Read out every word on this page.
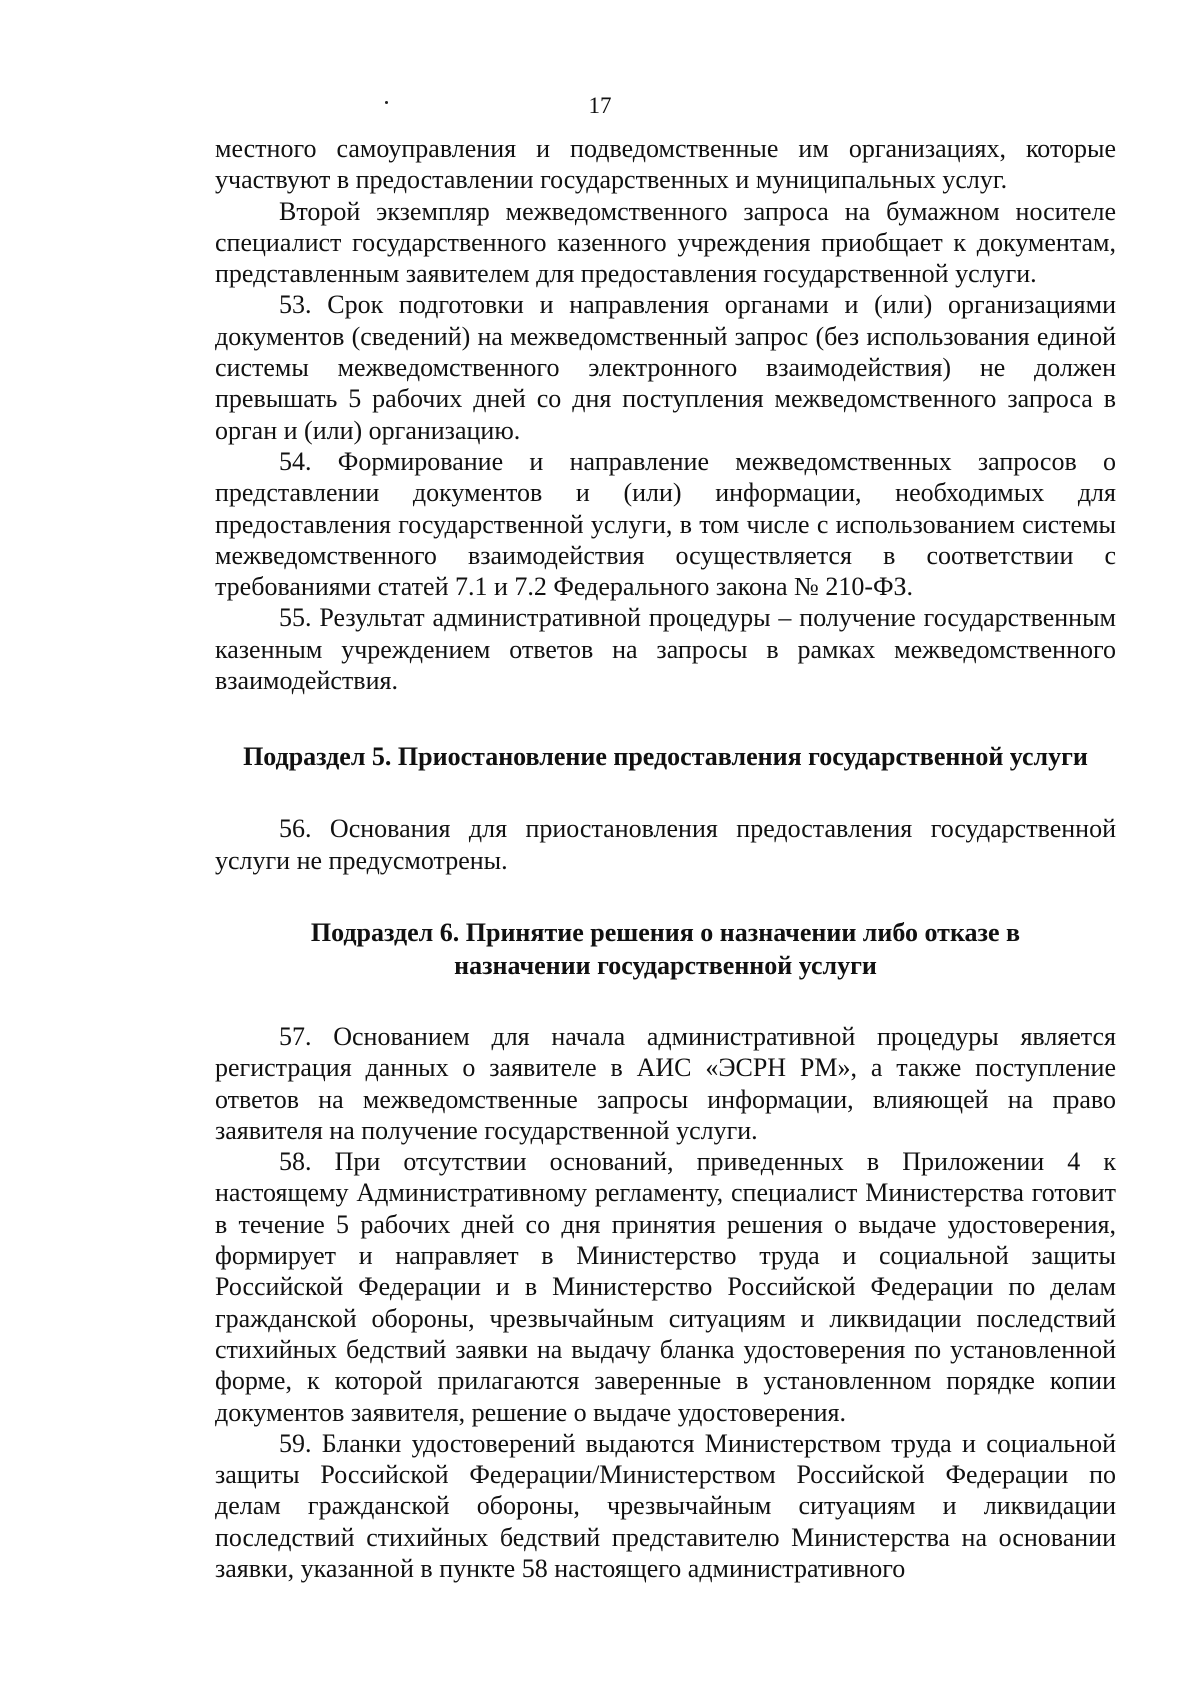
17

местного самоуправления и подведомственные им организациях, которые участвуют в предоставлении государственных и муниципальных услуг.

Второй экземпляр межведомственного запроса на бумажном носителе специалист государственного казенного учреждения приобщает к документам, представленным заявителем для предоставления государственной услуги.

53. Срок подготовки и направления органами и (или) организациями документов (сведений) на межведомственный запрос (без использования единой системы межведомственного электронного взаимодействия) не должен превышать 5 рабочих дней со дня поступления межведомственного запроса в орган и (или) организацию.

54. Формирование и направление межведомственных запросов о представлении документов и (или) информации, необходимых для предоставления государственной услуги, в том числе с использованием системы межведомственного взаимодействия осуществляется в соответствии с требованиями статей 7.1 и 7.2 Федерального закона № 210-ФЗ.

55. Результат административной процедуры – получение государственным казенным учреждением ответов на запросы в рамках межведомственного взаимодействия.

Подраздел 5. Приостановление предоставления государственной услуги

56. Основания для приостановления предоставления государственной услуги не предусмотрены.

Подраздел 6. Принятие решения о назначении либо отказе в

назначении государственной услуги

57. Основанием для начала административной процедуры является регистрация данных о заявителе в АИС «ЭСРН РМ», а также поступление ответов на межведомственные запросы информации, влияющей на право заявителя на получение государственной услуги.

58. При отсутствии оснований, приведенных в Приложении 4 к настоящему Административному регламенту, специалист Министерства готовит в течение 5 рабочих дней со дня принятия решения о выдаче удостоверения, формирует и направляет в Министерство труда и социальной защиты Российской Федерации и в Министерство Российской Федерации по делам гражданской обороны, чрезвычайным ситуациям и ликвидации последствий стихийных бедствий заявки на выдачу бланка удостоверения по установленной форме, к которой прилагаются заверенные в установленном порядке копии документов заявителя, решение о выдаче удостоверения.

59. Бланки удостоверений выдаются Министерством труда и социальной защиты Российской Федерации/Министерством Российской Федерации по делам гражданской обороны, чрезвычайным ситуациям и ликвидации последствий стихийных бедствий представителю Министерства на основании заявки, указанной в пункте 58 настоящего административного
